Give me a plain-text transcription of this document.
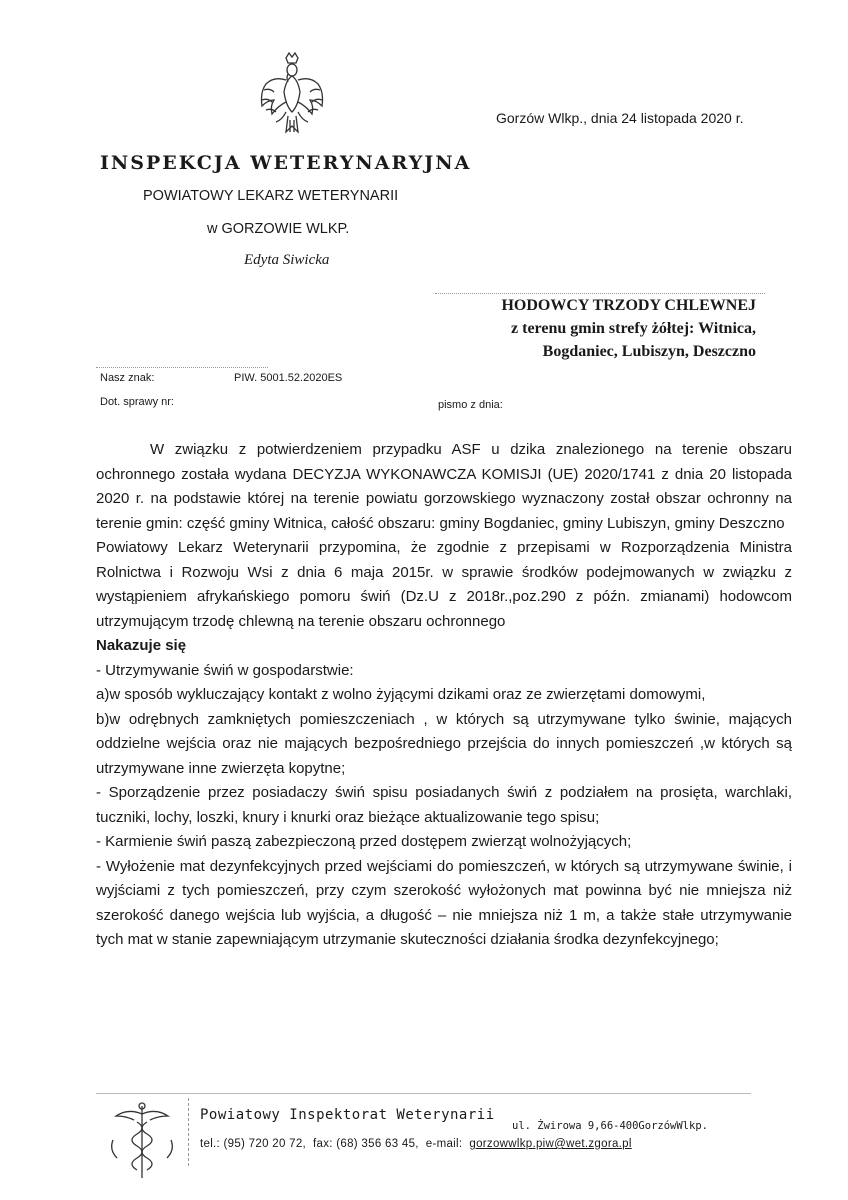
Gorzów Wlkp., dnia 24 listopada 2020 r.
INSPEKCJA WETERYNARYJNA
POWIATOWY LEKARZ WETERYNARII
w GORZOWIE WLKP.
Edyta Siwicka
HODOWCY TRZODY CHLEWNEJ
z terenu gmin strefy żółtej: Witnica,
Bogdaniec, Lubiszyn, Deszczno
Nasz znak:	PIW. 5001.52.2020ES
Dot. sprawy nr:	pismo z dnia:

W związku z potwierdzeniem przypadku ASF u dzika znalezionego na terenie obszaru ochronnego została wydana DECYZJA WYKONAWCZA KOMISJI (UE) 2020/1741 z dnia 20 listopada 2020 r. na podstawie której na terenie powiatu gorzowskiego wyznaczony został obszar ochronny na terenie gmin: część gminy Witnica, całość obszaru: gminy Bogdaniec, gminy Lubiszyn, gminy Deszczno

Powiatowy Lekarz Weterynarii przypomina, że zgodnie z przepisami w Rozporządzenia Ministra Rolnictwa i Rozwoju Wsi z dnia 6 maja 2015r. w sprawie środków podejmowanych w związku z wystąpieniem afrykańskiego pomoru świń (Dz.U z 2018r.,poz.290 z późn. zmianami) hodowcom utrzymującym trzodę chlewną na terenie obszaru ochronnego

Nakazuje się

- Utrzymywanie świń w gospodarstwie:

a)w sposób wykluczający kontakt z wolno żyjącymi dzikami oraz ze zwierzętami domowymi,

b)w odrębnych zamkniętych pomieszczeniach , w których są utrzymywane tylko świnie, mających oddzielne wejścia oraz nie mających bezpośredniego przejścia do innych pomieszczeń ,w których są utrzymywane inne zwierzęta kopytne;

- Sporządzenie przez posiadaczy świń spisu posiadanych świń z podziałem na prosięta, warchlaki, tuczniki, lochy, loszki, knury i knurki oraz bieżące aktualizowanie tego spisu;

- Karmienie świń paszą zabezpieczoną przed dostępem zwierząt wolnożyjących;

- Wyłożenie mat dezynfekcyjnych przed wejściami do pomieszczeń, w których są utrzymywane świnie, i wyjściami z tych pomieszczeń, przy czym szerokość wyłożonych mat powinna być nie mniejsza niż szerokość danego wejścia lub wyjścia, a długość – nie mniejsza niż 1 m, a także stałe utrzymywanie tych mat w stanie zapewniającym utrzymanie skuteczności działania środka dezynfekcyjnego;

Powiatowy Inspektorat Weterynarii
ul. Żwirowa 9,66-400GorzówWlkp.
tel.: (95) 720 20 72, fax: (68) 356 63 45, e-mail: gorzowwlkp.piw@wet.zgora.pl
